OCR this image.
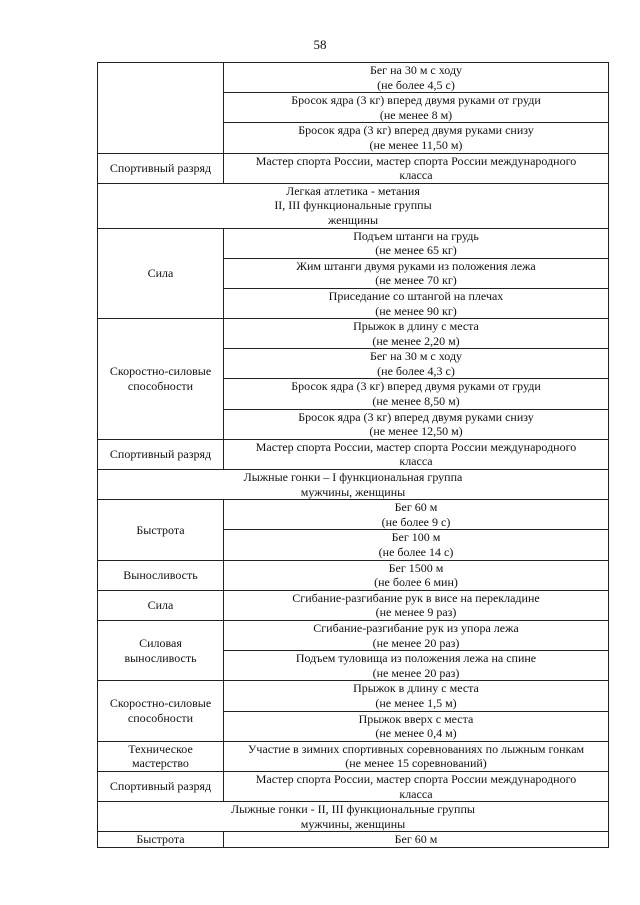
58
	Бег на 30 м с ходу
(не более 4,5 с)
	Бросок ядра (3 кг) вперед двумя руками от груди
(не менее 8 м)
	Бросок ядра (3 кг) вперед двумя руками снизу
(не менее 11,50 м)
Спортивный разряд	Мастер спорта России, мастер спорта России международного
класса
Легкая атлетика - метания
II, III функциональные группы
женщины	
Сила	Подъем штанги на грудь
(не менее 65 кг)
	Жим штанги двумя руками из положения лежа
(не менее 70 кг)
	Приседание со штангой на плечах
(не менее 90 кг)
Скоростно-силовые
способности	Прыжок в длину с места
(не менее 2,20 м)
	Бег на 30 м с ходу
(не более 4,3 с)
	Бросок ядра (3 кг) вперед двумя руками от груди
(не менее 8,50 м)
	Бросок ядра (3 кг) вперед двумя руками снизу
(не менее 12,50 м)
Спортивный разряд	Мастер спорта России, мастер спорта России международного
класса
Лыжные гонки – I функциональная группа
мужчины, женщины	
Быстрота	Бег 60 м
(не более 9 с)
	Бег 100 м
(не более 14 с)
Выносливость	Бег 1500 м
(не более 6 мин)
Сила	Сгибание-разгибание рук в висе на перекладине
(не менее 9 раз)
Силовая
выносливость	Сгибание-разгибание рук из упора лежа
(не менее 20 раз)
	Подъем туловища из положения лежа на спине
(не менее 20 раз)
Скоростно-силовые
способности	Прыжок в длину с места
(не менее 1,5 м)
	Прыжок вверх с места
(не менее 0,4 м)
Техническое
мастерство	Участие в зимних спортивных соревнованиях по лыжным гонкам
(не менее 15 соревнований)
Спортивный разряд	Мастер спорта России, мастер спорта России международного
класса
Лыжные гонки - II, III функциональные группы
мужчины, женщины	
Быстрота	Бег 60 м
